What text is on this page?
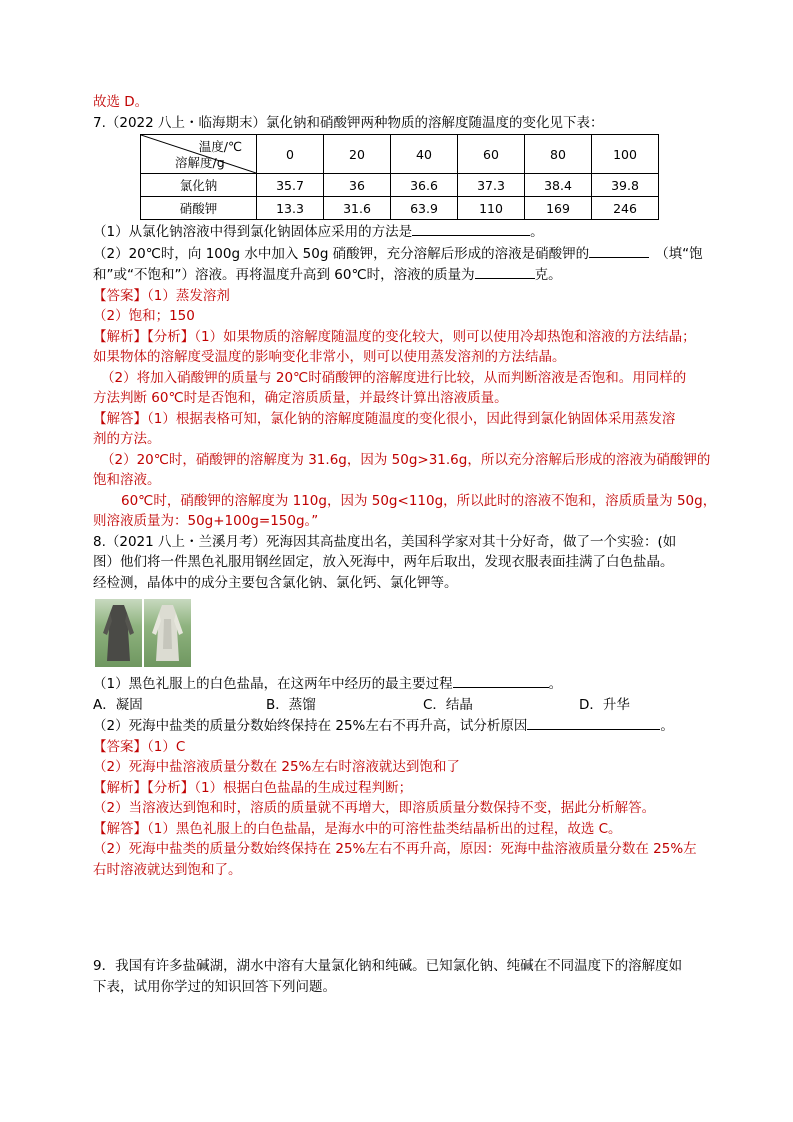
故选 D。
7.（2022 八上・临海期末）氯化钠和硝酸钾两种物质的溶解度随温度的变化见下表：
温度/℃
溶解度/g	0	20	40	60	80	100
氯化钠	35.7	36	36.6	37.3	38.4	39.8
硝酸钾	13.3	31.6	63.9	110	169	246
（1）从氯化钠溶液中得到氯化钠固体应采用的方法是	。
（2）20℃时，向 100g 水中加入 50g 硝酸钾，充分溶解后形成的溶液是硝酸钾的	（填“饱
和”或“不饱和”）溶液。再将温度升高到 60℃时，溶液的质量为	克。
【答案】（1）蒸发溶剂
（2）饱和；150
【解析】【分析】（1）如果物质的溶解度随温度的变化较大，则可以使用冷却热饱和溶液的方法结晶；
如果物体的溶解度受温度的影响变化非常小，则可以使用蒸发溶剂的方法结晶。
（2）将加入硝酸钾的质量与 20℃时硝酸钾的溶解度进行比较，从而判断溶液是否饱和。用同样的
方法判断 60℃时是否饱和，确定溶质质量，并最终计算出溶液质量。
【解答】（1）根据表格可知，氯化钠的溶解度随温度的变化很小，因此得到氯化钠固体采用蒸发溶
剂的方法。
（2）20℃时，硝酸钾的溶解度为 31.6g，因为 50g>31.6g，所以充分溶解后形成的溶液为硝酸钾的
饱和溶液。
60℃时，硝酸钾的溶解度为 110g，因为 50g<110g，所以此时的溶液不饱和，溶质质量为 50g，
则溶液质量为：50g+100g=150g。”
8.（2021 八上・兰溪月考）死海因其高盐度出名，美国科学家对其十分好奇，做了一个实验：(如
图）他们将一件黑色礼服用钢丝固定，放入死海中，两年后取出，发现衣服表面挂满了白色盐晶。
经检测，晶体中的成分主要包含氯化钠、氯化钙、氯化钾等。
（1）黑色礼服上的白色盐晶，在这两年中经历的最主要过程	。
A．凝固	B．蒸馏	C．结晶	D．升华
（2）死海中盐类的质量分数始终保持在 25%左右不再升高，试分析原因	。
【答案】（1）C
（2）死海中盐溶液质量分数在 25%左右时溶液就达到饱和了
【解析】【分析】（1）根据白色盐晶的生成过程判断；
（2）当溶液达到饱和时，溶质的质量就不再增大，即溶质质量分数保持不变，据此分析解答。
【解答】（1）黑色礼服上的白色盐晶，是海水中的可溶性盐类结晶析出的过程，故选 C。
（2）死海中盐类的质量分数始终保持在 25%左右不再升高，原因：死海中盐溶液质量分数在 25%左
右时溶液就达到饱和了。
9．我国有许多盐碱湖，湖水中溶有大量氯化钠和纯碱。已知氯化钠、纯碱在不同温度下的溶解度如
下表，试用你学过的知识回答下列问题。
